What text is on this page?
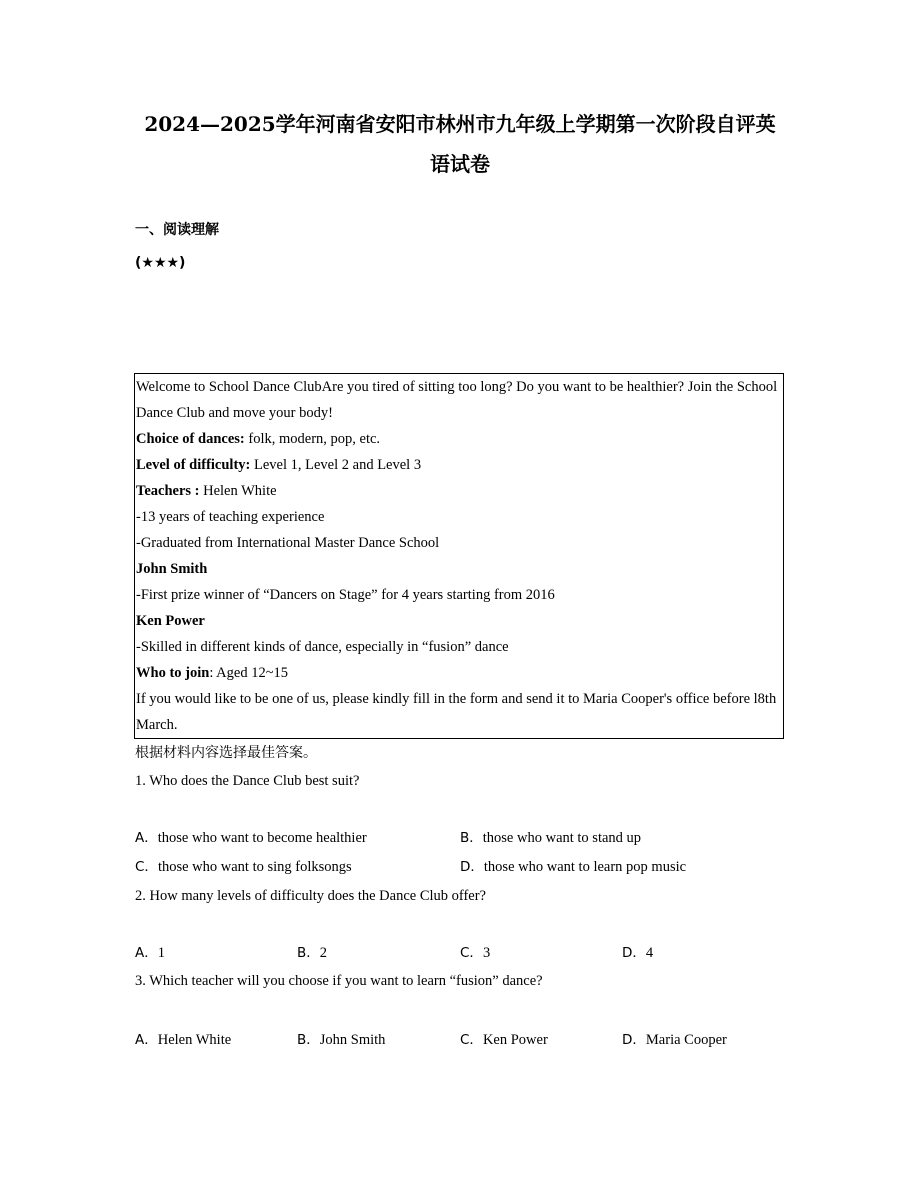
2024—2025学年河南省安阳市林州市九年级上学期第一次阶段自评英
语试卷
一、阅读理解
(★★★)

Welcome to School Dance ClubAre you tired of sitting too long? Do you want to be healthier? Join the School Dance Club and move your body!

Choice of dances: folk, modern, pop, etc.

Level of difficulty: Level 1, Level 2 and Level 3

Teachers : Helen White

-13 years of teaching experience

-Graduated from International Master Dance School

John Smith

-First prize winner of “Dancers on Stage” for 4 years starting from 2016

Ken Power

-Skilled in different kinds of dance, especially in “fusion” dance

Who to join: Aged 12~15

If you would like to be one of us, please kindly fill in the form and send it to Maria Cooper's office before l8th March.

根据材料内容选择最佳答案。
1. Who does the Dance Club best suit?
A．those who want to become healthier	B．those who want to stand up
C．those who want to sing folksongs	D．those who want to learn pop music
2. How many levels of difficulty does the Dance Club offer?
A．1	B．2	C．3	D．4
3. Which teacher will you choose if you want to learn “fusion” dance?
A．Helen White	B．John Smith	C．Ken Power	D．Maria Cooper
